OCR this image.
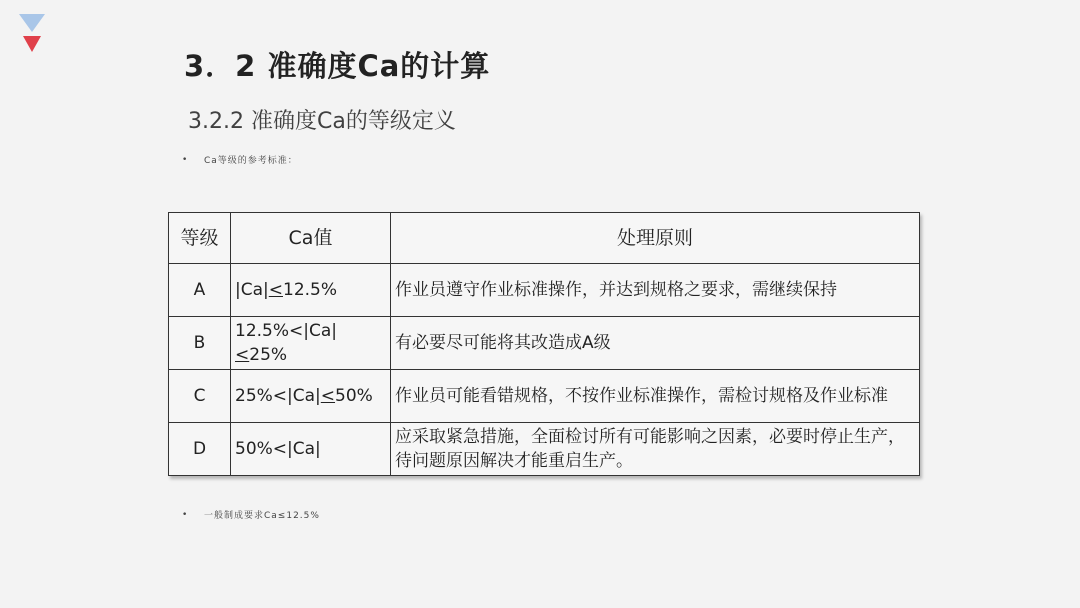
3．2 准确度Ca的计算
3.2.2 准确度Ca的等级定义
•	Ca等级的参考标准：
等级	Ca值	处理原则
A	|Ca|<12.5%	作业员遵守作业标准操作，并达到规格之要求，需继续保持
B	12.5%<|Ca|<25%	有必要尽可能将其改造成A级
C	25%<|Ca|<50%	作业员可能看错规格，不按作业标准操作，需检讨规格及作业标准
D	50%<|Ca|	应采取紧急措施，全面检讨所有可能影响之因素，必要时停止生产，待问题原因解决才能重启生产。
•	一般制成要求Ca≤12.5%
